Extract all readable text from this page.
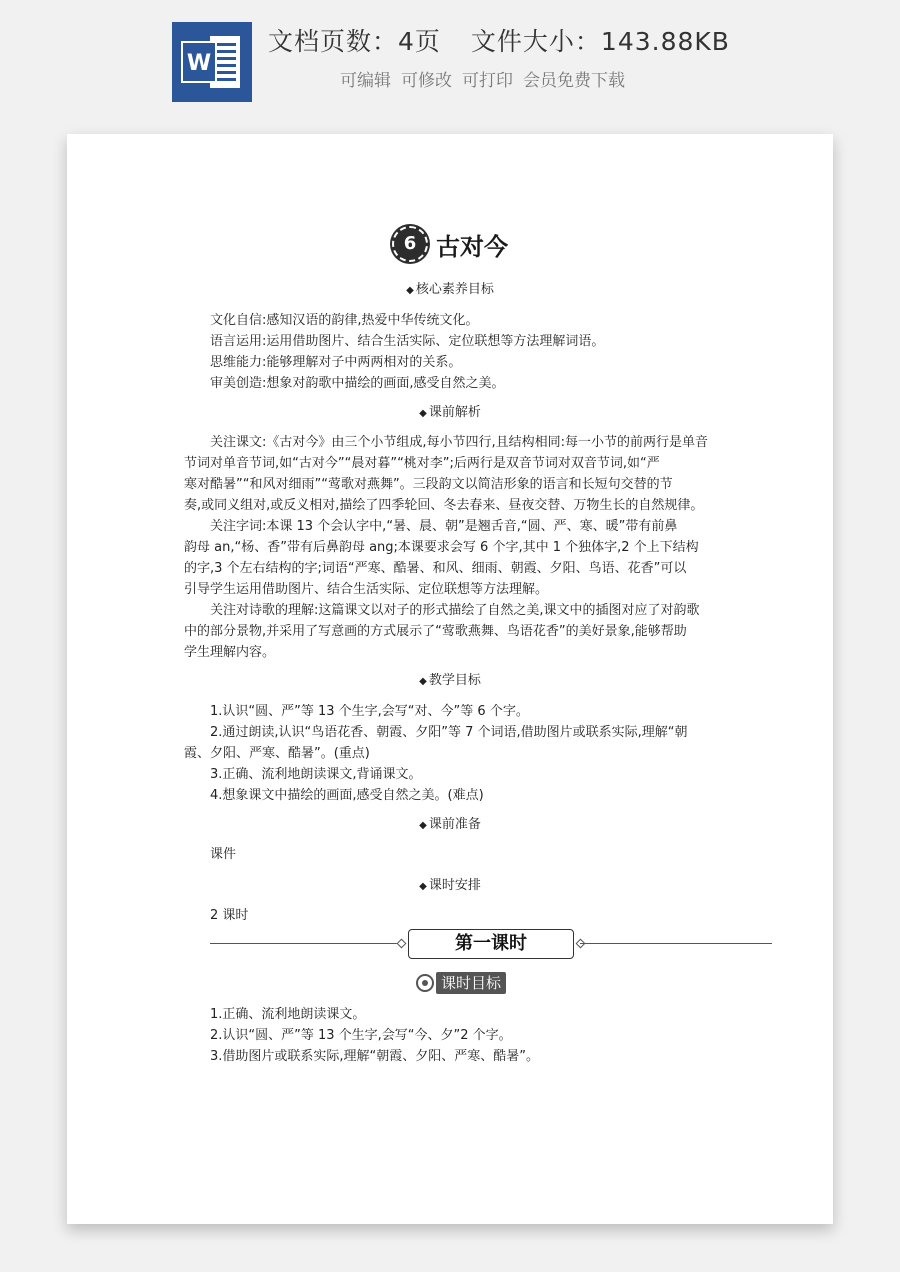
W
文档页数：4页 文件大小：143.88KB
可编辑 可修改 可打印 会员免费下载
6 古对今
◆ 核心素养目标
文化自信:感知汉语的韵律,热爱中华传统文化。
语言运用:运用借助图片、结合生活实际、定位联想等方法理解词语。
思维能力:能够理解对子中两两相对的关系。
审美创造:想象对韵歌中描绘的画面,感受自然之美。
◆ 课前解析
关注课文:《古对今》由三个小节组成,每小节四行,且结构相同:每一小节的前两行是单音
节词对单音节词,如“古对今”“晨对暮”“桃对李”;后两行是双音节词对双音节词,如“严
寒对酷暑”“和风对细雨”“莺歌对燕舞”。三段韵文以简洁形象的语言和长短句交替的节
奏,或同义组对,或反义相对,描绘了四季轮回、冬去春来、昼夜交替、万物生长的自然规律。
关注字词:本课 13 个会认字中,“暑、晨、朝”是翘舌音,“圆、严、寒、暖”带有前鼻
韵母 an,“杨、香”带有后鼻韵母 ang;本课要求会写 6 个字,其中 1 个独体字,2 个上下结构
的字,3 个左右结构的字;词语“严寒、酷暑、和风、细雨、朝霞、夕阳、鸟语、花香”可以
引导学生运用借助图片、结合生活实际、定位联想等方法理解。
关注对诗歌的理解:这篇课文以对子的形式描绘了自然之美,课文中的插图对应了对韵歌
中的部分景物,并采用了写意画的方式展示了“莺歌燕舞、鸟语花香”的美好景象,能够帮助
学生理解内容。
◆ 教学目标
1.认识“圆、严”等 13 个生字,会写“对、今”等 6 个字。
2.通过朗读,认识“鸟语花香、朝霞、夕阳”等 7 个词语,借助图片或联系实际,理解“朝
霞、夕阳、严寒、酷暑”。(重点)
3.正确、流利地朗读课文,背诵课文。
4.想象课文中描绘的画面,感受自然之美。(难点)
◆ 课前准备
课件
◆ 课时安排
2 课时
第一课时
课时目标
1.正确、流利地朗读课文。
2.认识“圆、严”等 13 个生字,会写“今、夕”2 个字。
3.借助图片或联系实际,理解“朝霞、夕阳、严寒、酷暑”。
